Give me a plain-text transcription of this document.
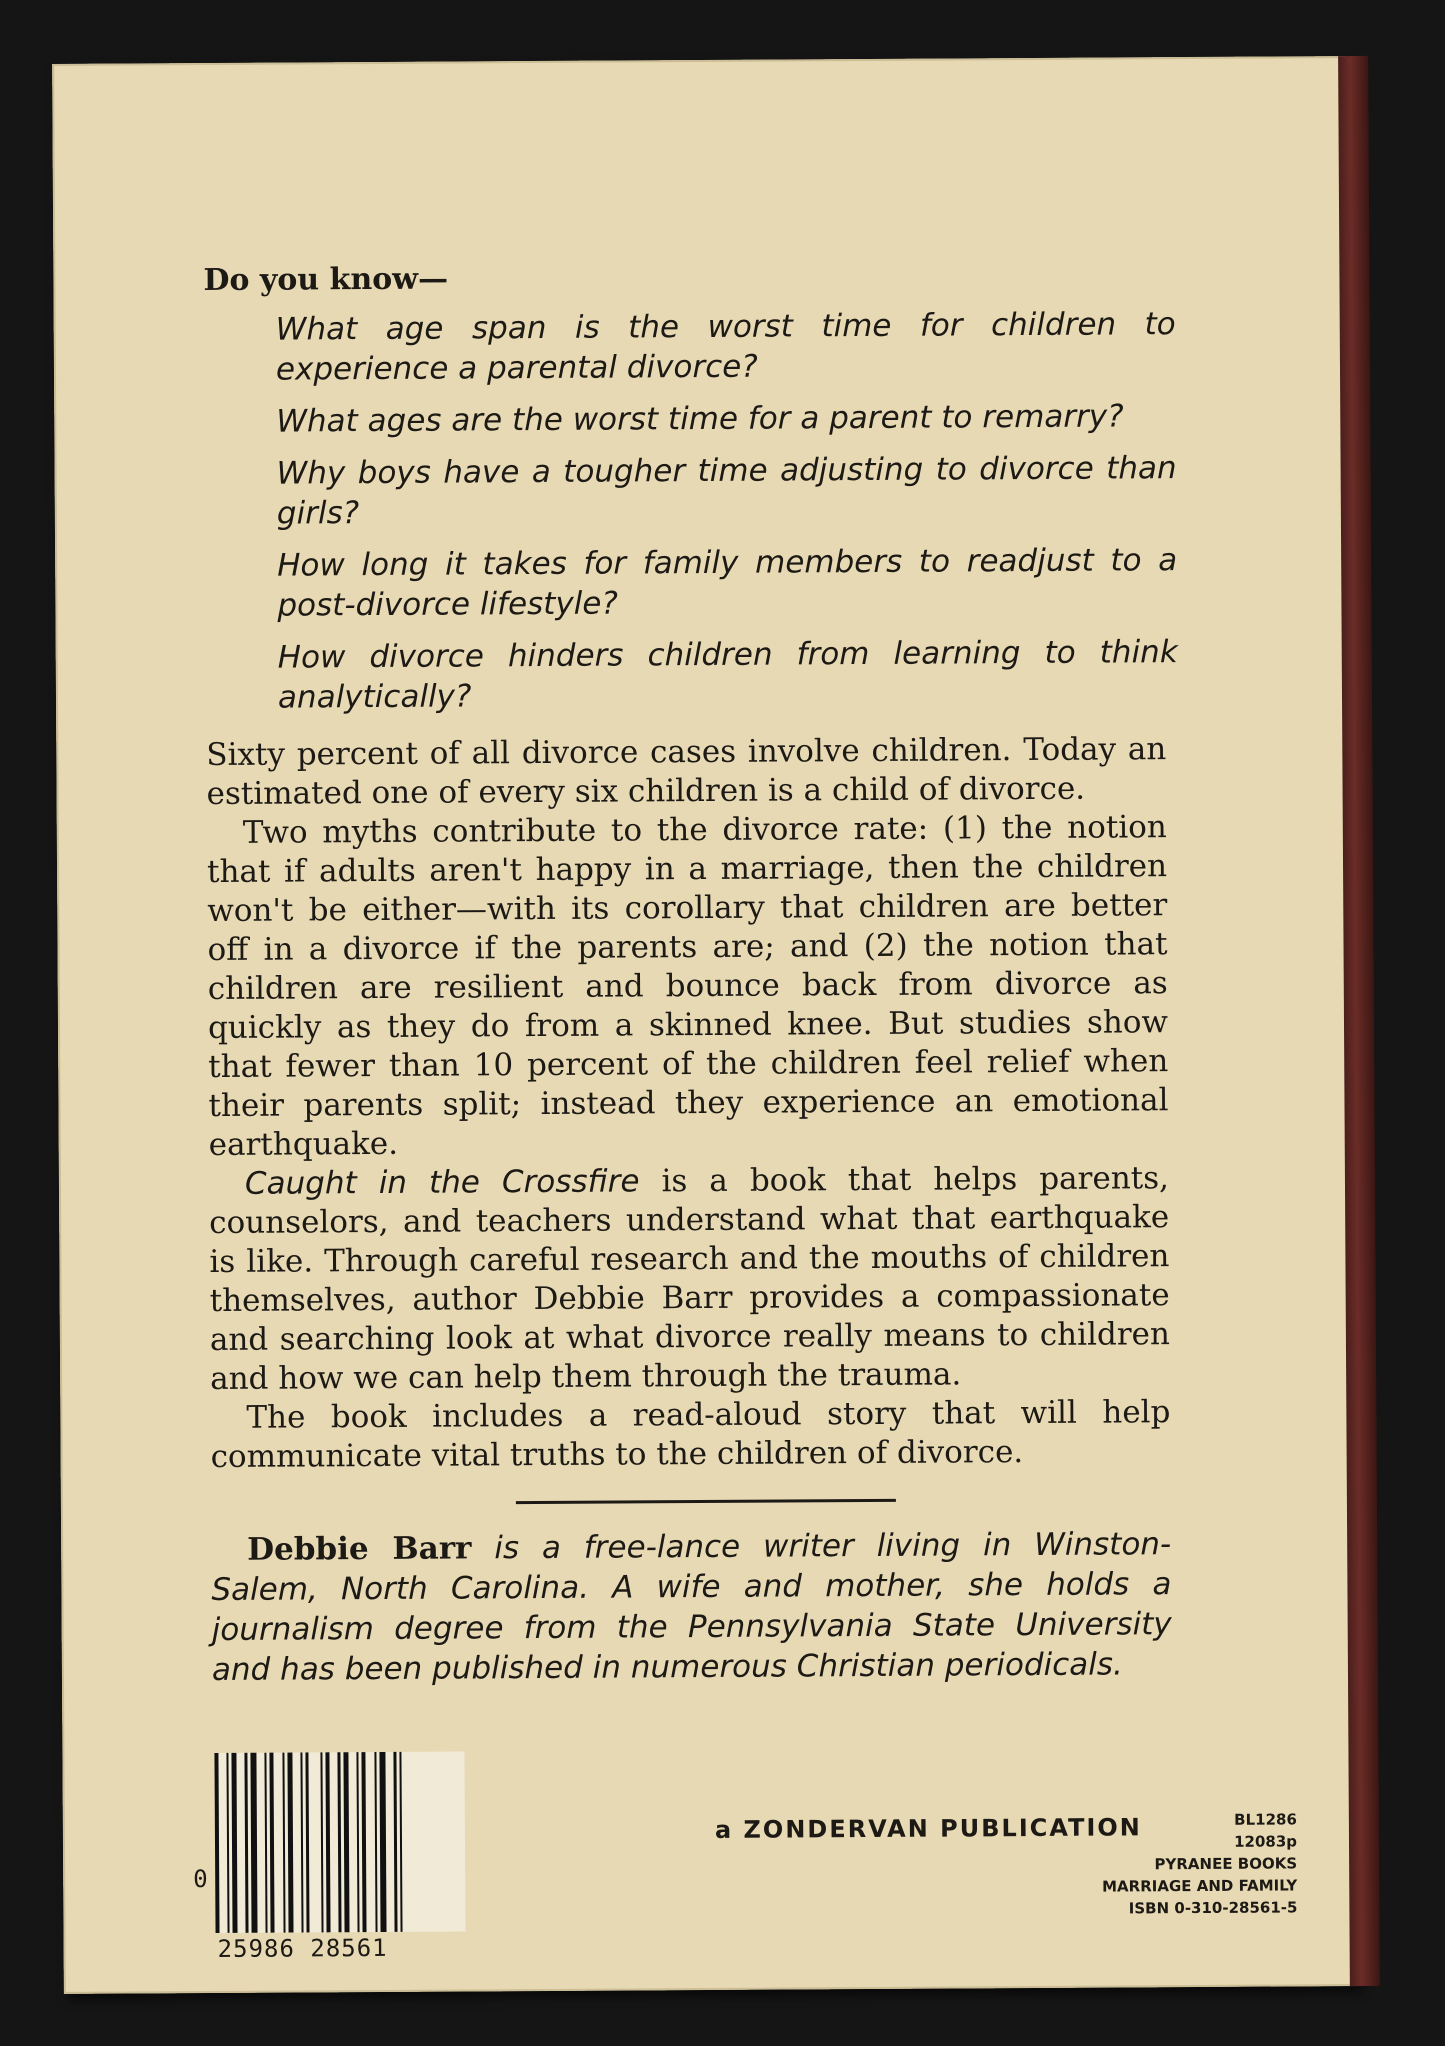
Do you know—
What age span is the worst time for children to experience a parental divorce?
What ages are the worst time for a parent to remarry?
Why boys have a tougher time adjusting to divorce than girls?
How long it takes for family members to readjust to a post-divorce lifestyle?
How divorce hinders children from learning to think analytically?

Sixty percent of all divorce cases involve children. Today an estimated one of every six children is a child of divorce.

Two myths contribute to the divorce rate: (1) the notion that if adults aren't happy in a marriage, then the children won't be either—with its corollary that children are better off in a divorce if the parents are; and (2) the notion that children are resilient and bounce back from divorce as quickly as they do from a skinned knee. But studies show that fewer than 10 percent of the children feel relief when their parents split; instead they experience an emotional earthquake.

Caught in the Crossfire is a book that helps parents, counselors, and teachers understand what that earthquake is like. Through careful research and the mouths of children themselves, author Debbie Barr provides a compassionate and searching look at what divorce really means to children and how we can help them through the trauma.

The book includes a read-aloud story that will help communicate vital truths to the children of divorce.

Debbie Barr is a free-lance writer living in Winston-Salem, North Carolina. A wife and mother, she holds a journalism degree from the Pennsylvania State University and has been published in numerous Christian periodicals.

0
25986 28561
a ZONDERVAN PUBLICATION	BL1286
12083p
PYRANEE BOOKS
MARRIAGE AND FAMILY
ISBN 0-310-28561-5
